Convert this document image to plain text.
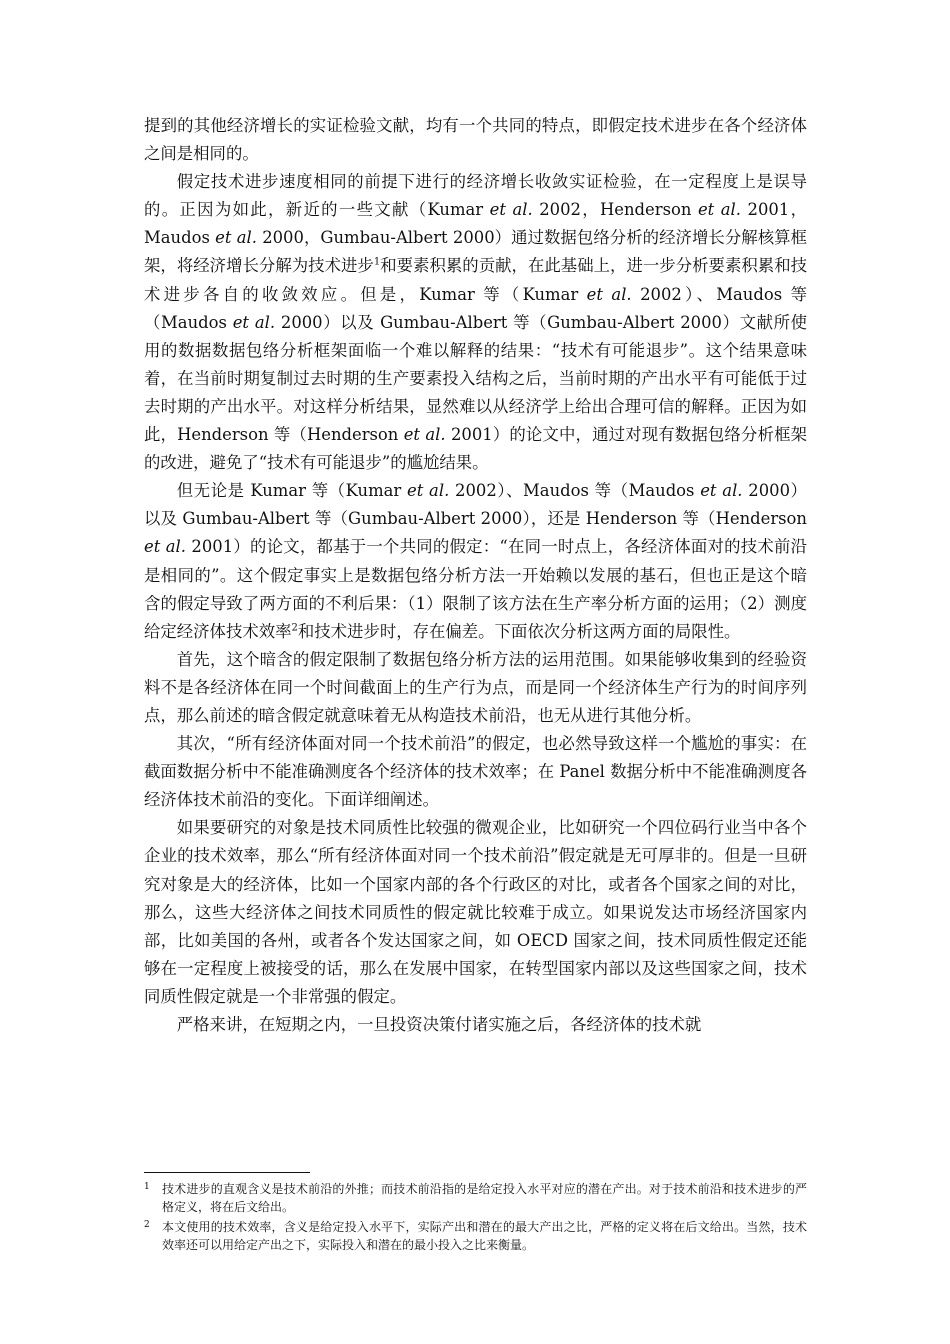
提到的其他经济增长的实证检验文献，均有一个共同的特点，即假定技术进步在各个经济体之间是相同的。

假定技术进步速度相同的前提下进行的经济增长收敛实证检验，在一定程度上是误导的。正因为如此，新近的一些文献（Kumar et al. 2002，Henderson et al. 2001，Maudos et al. 2000，Gumbau-Albert 2000）通过数据包络分析的经济增长分解核算框架，将经济增长分解为技术进步$^1$和要素积累的贡献，在此基础上，进一步分析要素积累和技术进步各自的收敛效应。但是，Kumar 等（Kumar et al. 2002）、Maudos 等（Maudos et al. 2000）以及 Gumbau-Albert 等（Gumbau-Albert 2000）文献所使用的数据数据包络分析框架面临一个难以解释的结果：“技术有可能退步”。这个结果意味着，在当前时期复制过去时期的生产要素投入结构之后，当前时期的产出水平有可能低于过去时期的产出水平。对这样分析结果，显然难以从经济学上给出合理可信的解释。正因为如此，Henderson 等（Henderson et al. 2001）的论文中，通过对现有数据包络分析框架的改进，避免了“技术有可能退步”的尴尬结果。

但无论是 Kumar 等（Kumar et al. 2002）、Maudos 等（Maudos et al. 2000）以及 Gumbau-Albert 等（Gumbau-Albert 2000），还是 Henderson 等（Henderson et al. 2001）的论文，都基于一个共同的假定：“在同一时点上，各经济体面对的技术前沿是相同的”。这个假定事实上是数据包络分析方法一开始赖以发展的基石，但也正是这个暗含的假定导致了两方面的不利后果：（1）限制了该方法在生产率分析方面的运用；（2）测度给定经济体技术效率$^2$和技术进步时，存在偏差。下面依次分析这两方面的局限性。

首先，这个暗含的假定限制了数据包络分析方法的运用范围。如果能够收集到的经验资料不是各经济体在同一个时间截面上的生产行为点，而是同一个经济体生产行为的时间序列点，那么前述的暗含假定就意味着无从构造技术前沿，也无从进行其他分析。

其次，“所有经济体面对同一个技术前沿”的假定，也必然导致这样一个尴尬的事实：在截面数据分析中不能准确测度各个经济体的技术效率；在 Panel 数据分析中不能准确测度各经济体技术前沿的变化。下面详细阐述。

如果要研究的对象是技术同质性比较强的微观企业，比如研究一个四位码行业当中各个企业的技术效率，那么“所有经济体面对同一个技术前沿”假定就是无可厚非的。但是一旦研究对象是大的经济体，比如一个国家内部的各个行政区的对比，或者各个国家之间的对比，那么，这些大经济体之间技术同质性的假定就比较难于成立。如果说发达市场经济国家内部，比如美国的各州，或者各个发达国家之间，如 OECD 国家之间，技术同质性假定还能够在一定程度上被接受的话，那么在发展中国家，在转型国家内部以及这些国家之间，技术同质性假定就是一个非常强的假定。

严格来讲，在短期之内，一旦投资决策付诸实施之后，各经济体的技术就

1 技术进步的直观含义是技术前沿的外推；而技术前沿指的是给定投入水平对应的潜在产出。对于技术前沿和技术进步的严格定义，将在后文给出。
2 本文使用的技术效率，含义是给定投入水平下，实际产出和潜在的最大产出之比，严格的定义将在后文给出。当然，技术效率还可以用给定产出之下，实际投入和潜在的最小投入之比来衡量。
